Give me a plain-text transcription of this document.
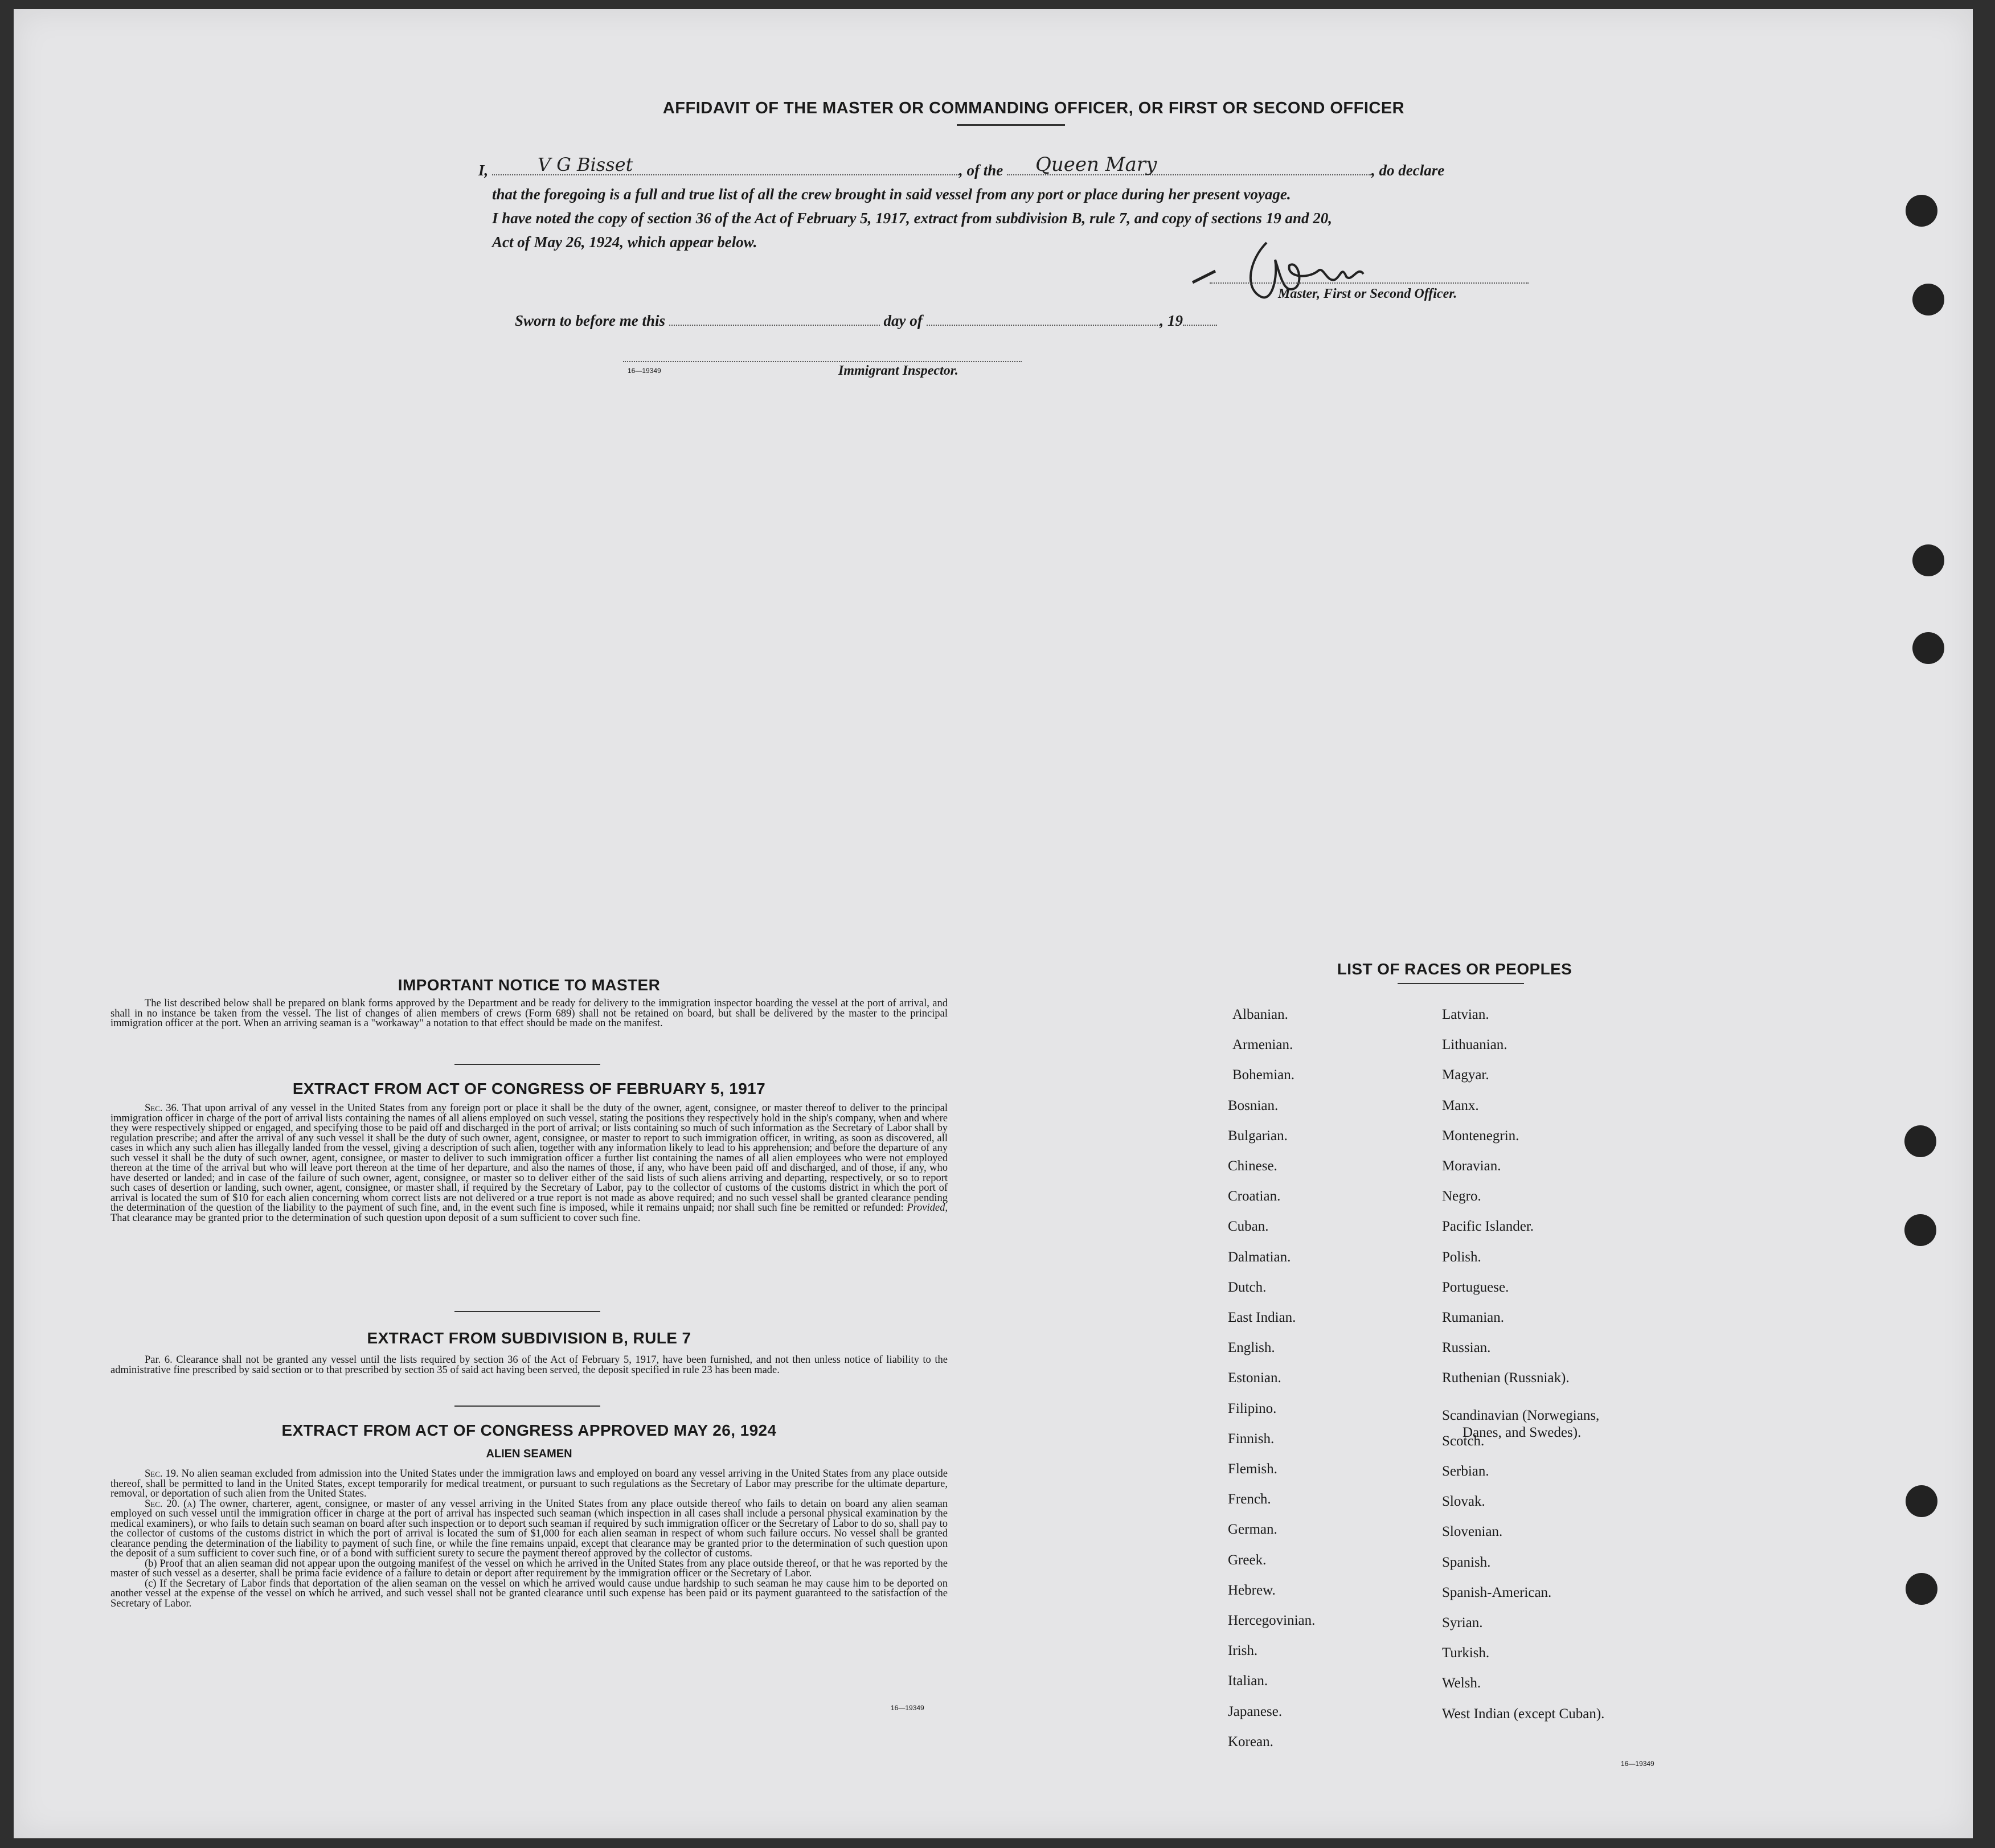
AFFIDAVIT OF THE MASTER OR COMMANDING OFFICER, OR FIRST OR SECOND OFFICER
I,	V G Bisset	, of the Queen Mary	, do declare
that the foregoing is a full and true list of all the crew brought in said vessel from any port or place during her present voyage.
I have noted the copy of section 36 of the Act of February 5, 1917, extract from subdivision B, rule 7, and copy of sections 19 and 20,
Act of May 26, 1924, which appear below.
Master, First or Second Officer.
Sworn to before me this	day of	, 19
16—19349	Immigrant Inspector.
IMPORTANT NOTICE TO MASTER
The list described below shall be prepared on blank forms approved by the Department and be ready for delivery to the immigration inspector boarding the vessel at the port of arrival, and shall in no instance be taken from the vessel. The list of changes of alien members of crews (Form 689) shall not be retained on board, but shall be delivered by the master to the principal immigration officer at the port. When an arriving seaman is a "workaway" a notation to that effect should be made on the manifest.
EXTRACT FROM ACT OF CONGRESS OF FEBRUARY 5, 1917
Sec. 36. That upon arrival of any vessel in the United States from any foreign port or place it shall be the duty of the owner, agent, consignee, or master thereof to deliver to the principal immigration officer in charge of the port of arrival lists containing the names of all aliens employed on such vessel, stating the positions they respectively hold in the ship's company, when and where they were respectively shipped or engaged, and specifying those to be paid off and discharged in the port of arrival; or lists containing so much of such information as the Secretary of Labor shall by regulation prescribe; and after the arrival of any such vessel it shall be the duty of such owner, agent, consignee, or master to report to such immigration officer, in writing, as soon as discovered, all cases in which any such alien has illegally landed from the vessel, giving a description of such alien, together with any information likely to lead to his apprehension; and before the departure of any such vessel it shall be the duty of such owner, agent, consignee, or master to deliver to such immigration officer a further list containing the names of all alien employees who were not employed thereon at the time of the arrival but who will leave port thereon at the time of her departure, and also the names of those, if any, who have been paid off and discharged, and of those, if any, who have deserted or landed; and in case of the failure of such owner, agent, consignee, or master so to deliver either of the said lists of such aliens arriving and departing, respectively, or so to report such cases of desertion or landing, such owner, agent, consignee, or master shall, if required by the Secretary of Labor, pay to the collector of customs of the customs district in which the port of arrival is located the sum of $10 for each alien concerning whom correct lists are not delivered or a true report is not made as above required; and no such vessel shall be granted clearance pending the determination of the question of the liability to the payment of such fine, and, in the event such fine is imposed, while it remains unpaid; nor shall such fine be remitted or refunded: Provided, That clearance may be granted prior to the determination of such question upon deposit of a sum sufficient to cover such fine.
EXTRACT FROM SUBDIVISION B, RULE 7
Par. 6. Clearance shall not be granted any vessel until the lists required by section 36 of the Act of February 5, 1917, have been furnished, and not then unless notice of liability to the administrative fine prescribed by said section or to that prescribed by section 35 of said act having been served, the deposit specified in rule 23 has been made.
EXTRACT FROM ACT OF CONGRESS APPROVED MAY 26, 1924
ALIEN SEAMEN
Sec. 19. No alien seaman excluded from admission into the United States under the immigration laws and employed on board any vessel arriving in the United States from any place outside thereof, shall be permitted to land in the United States, except temporarily for medical treatment, or pursuant to such regulations as the Secretary of Labor may prescribe for the ultimate departure, removal, or deportation of such alien from the United States.
Sec. 20. (a) The owner, charterer, agent, consignee, or master of any vessel arriving in the United States from any place outside thereof who fails to detain on board any alien seaman employed on such vessel until the immigration officer in charge at the port of arrival has inspected such seaman (which inspection in all cases shall include a personal physical examination by the medical examiners), or who fails to detain such seaman on board after such inspection or to deport such seaman if required by such immigration officer or the Secretary of Labor to do so, shall pay to the collector of customs of the customs district in which the port of arrival is located the sum of $1,000 for each alien seaman in respect of whom such failure occurs. No vessel shall be granted clearance pending the determination of the liability to payment of such fine, or while the fine remains unpaid, except that clearance may be granted prior to the determination of such question upon the deposit of a sum sufficient to cover such fine, or of a bond with sufficient surety to secure the payment thereof approved by the collector of customs.
(b) Proof that an alien seaman did not appear upon the outgoing manifest of the vessel on which he arrived in the United States from any place outside thereof, or that he was reported by the master of such vessel as a deserter, shall be prima facie evidence of a failure to detain or deport after requirement by the immigration officer or the Secretary of Labor.
(c) If the Secretary of Labor finds that deportation of the alien seaman on the vessel on which he arrived would cause undue hardship to such seaman he may cause him to be deported on another vessel at the expense of the vessel on which he arrived, and such vessel shall not be granted clearance until such expense has been paid or its payment guaranteed to the satisfaction of the Secretary of Labor.
16—19349
LIST OF RACES OR PEOPLES
Albanian.
Armenian.
Bohemian.
Bosnian.
Bulgarian.
Chinese.
Croatian.
Cuban.
Dalmatian.
Dutch.
East Indian.
English.
Estonian.
Filipino.
Finnish.
Flemish.
French.
German.
Greek.
Hebrew.
Hercegovinian.
Irish.
Italian.
Japanese.
Korean.
Latvian.
Lithuanian.
Magyar.
Manx.
Montenegrin.
Moravian.
Negro.
Pacific Islander.
Polish.
Portuguese.
Rumanian.
Russian.
Ruthenian (Russniak).
Scandinavian (Norwegians,
Danes, and Swedes).
Scotch.
Serbian.
Slovak.
Slovenian.
Spanish.
Spanish-American.
Syrian.
Turkish.
Welsh.
West Indian (except Cuban).
16—19349
